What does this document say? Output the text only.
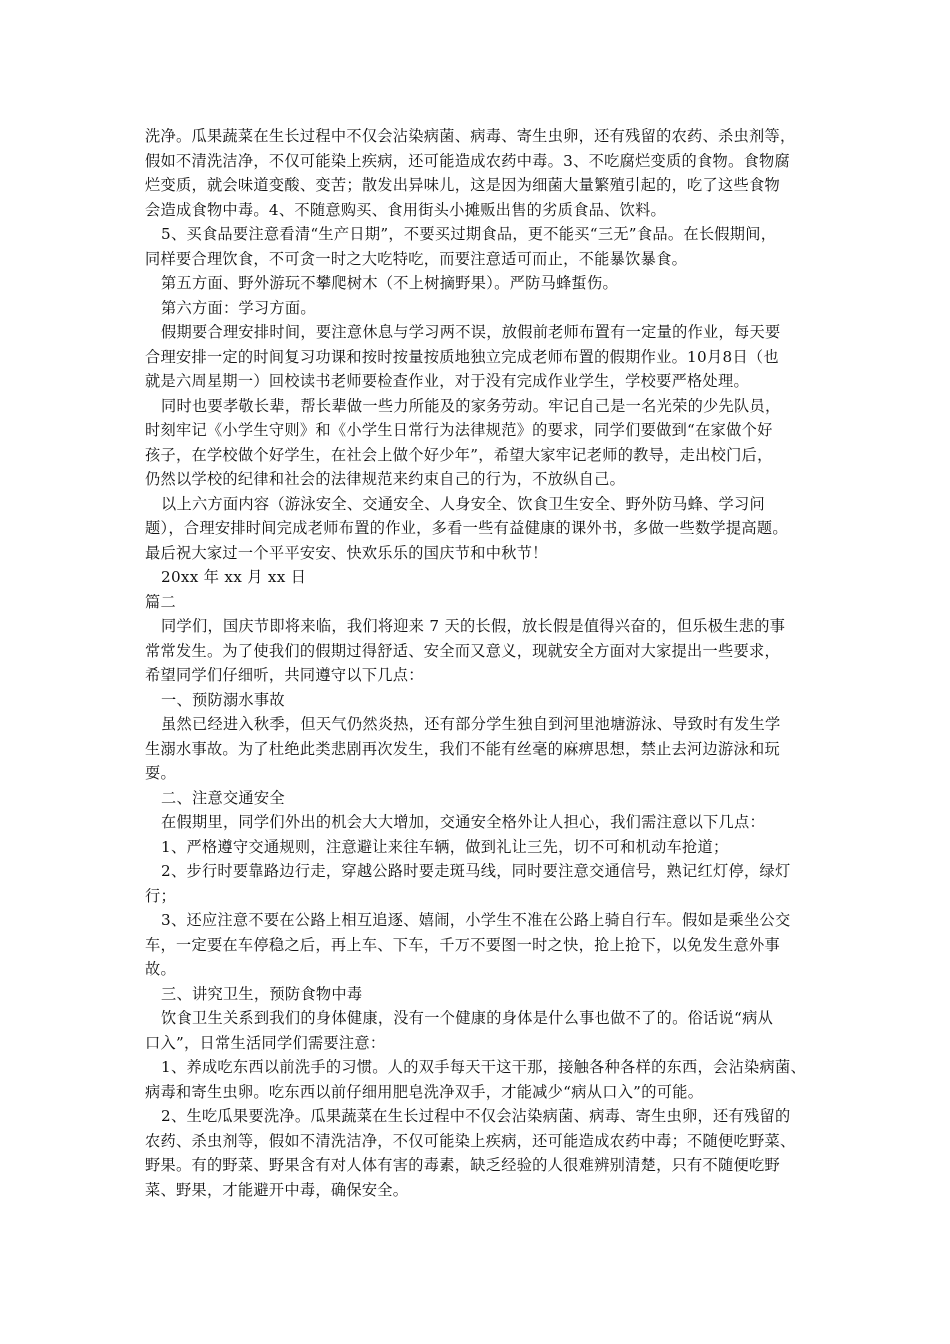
洗净。瓜果蔬菜在生长过程中不仅会沾染病菌、病毒、寄生虫卵，还有残留的农药、杀虫剂等，
假如不清洗洁净，不仅可能染上疾病，还可能造成农药中毒。3、不吃腐烂变质的食物。食物腐
烂变质，就会味道变酸、变苦；散发出异味儿，这是因为细菌大量繁殖引起的，吃了这些食物
会造成食物中毒。4、不随意购买、食用街头小摊贩出售的劣质食品、饮料。
5、买食品要注意看清“生产日期”，不要买过期食品，更不能买“三无”食品。在长假期间，
同样要合理饮食，不可贪一时之大吃特吃，而要注意适可而止，不能暴饮暴食。
第五方面、野外游玩不攀爬树木（不上树摘野果）。严防马蜂蜇伤。
第六方面：学习方面。
假期要合理安排时间，要注意休息与学习两不误，放假前老师布置有一定量的作业，每天要
合理安排一定的时间复习功课和按时按量按质地独立完成老师布置的假期作业。10月8日（也
就是六周星期一）回校读书老师要检查作业，对于没有完成作业学生，学校要严格处理。
同时也要孝敬长辈，帮长辈做一些力所能及的家务劳动。牢记自己是一名光荣的少先队员，
时刻牢记《小学生守则》和《小学生日常行为法律规范》的要求，同学们要做到“在家做个好
孩子，在学校做个好学生，在社会上做个好少年”，希望大家牢记老师的教导，走出校门后，
仍然以学校的纪律和社会的法律规范来约束自己的行为，不放纵自己。
以上六方面内容（游泳安全、交通安全、人身安全、饮食卫生安全、野外防马蜂、学习问
题），合理安排时间完成老师布置的作业，多看一些有益健康的课外书，多做一些数学提高题。
最后祝大家过一个平平安安、快欢乐乐的国庆节和中秋节！
20xx 年 xx 月 xx 日
篇二
同学们，国庆节即将来临，我们将迎来 7 天的长假，放长假是值得兴奋的，但乐极生悲的事
常常发生。为了使我们的假期过得舒适、安全而又意义，现就安全方面对大家提出一些要求，
希望同学们仔细听，共同遵守以下几点：
一、预防溺水事故
虽然已经进入秋季，但天气仍然炎热，还有部分学生独自到河里池塘游泳、导致时有发生学
生溺水事故。为了杜绝此类悲剧再次发生，我们不能有丝毫的麻痹思想，禁止去河边游泳和玩
耍。
二、注意交通安全
在假期里，同学们外出的机会大大增加，交通安全格外让人担心，我们需注意以下几点：
1、严格遵守交通规则，注意避让来往车辆，做到礼让三先，切不可和机动车抢道；
2、步行时要靠路边行走，穿越公路时要走斑马线，同时要注意交通信号，熟记红灯停，绿灯
行；
3、还应注意不要在公路上相互追逐、嬉闹，小学生不准在公路上骑自行车。假如是乘坐公交
车，一定要在车停稳之后，再上车、下车，千万不要图一时之快，抢上抢下，以免发生意外事
故。
三、讲究卫生，预防食物中毒
饮食卫生关系到我们的身体健康，没有一个健康的身体是什么事也做不了的。俗话说“病从
口入”，日常生活同学们需要注意：
1、养成吃东西以前洗手的习惯。人的双手每天干这干那，接触各种各样的东西，会沾染病菌、
病毒和寄生虫卵。吃东西以前仔细用肥皂洗净双手，才能减少“病从口入”的可能。
2、生吃瓜果要洗净。瓜果蔬菜在生长过程中不仅会沾染病菌、病毒、寄生虫卵，还有残留的
农药、杀虫剂等，假如不清洗洁净，不仅可能染上疾病，还可能造成农药中毒；不随便吃野菜、
野果。有的野菜、野果含有对人体有害的毒素，缺乏经验的人很难辨别清楚，只有不随便吃野
菜、野果，才能避开中毒，确保安全。
